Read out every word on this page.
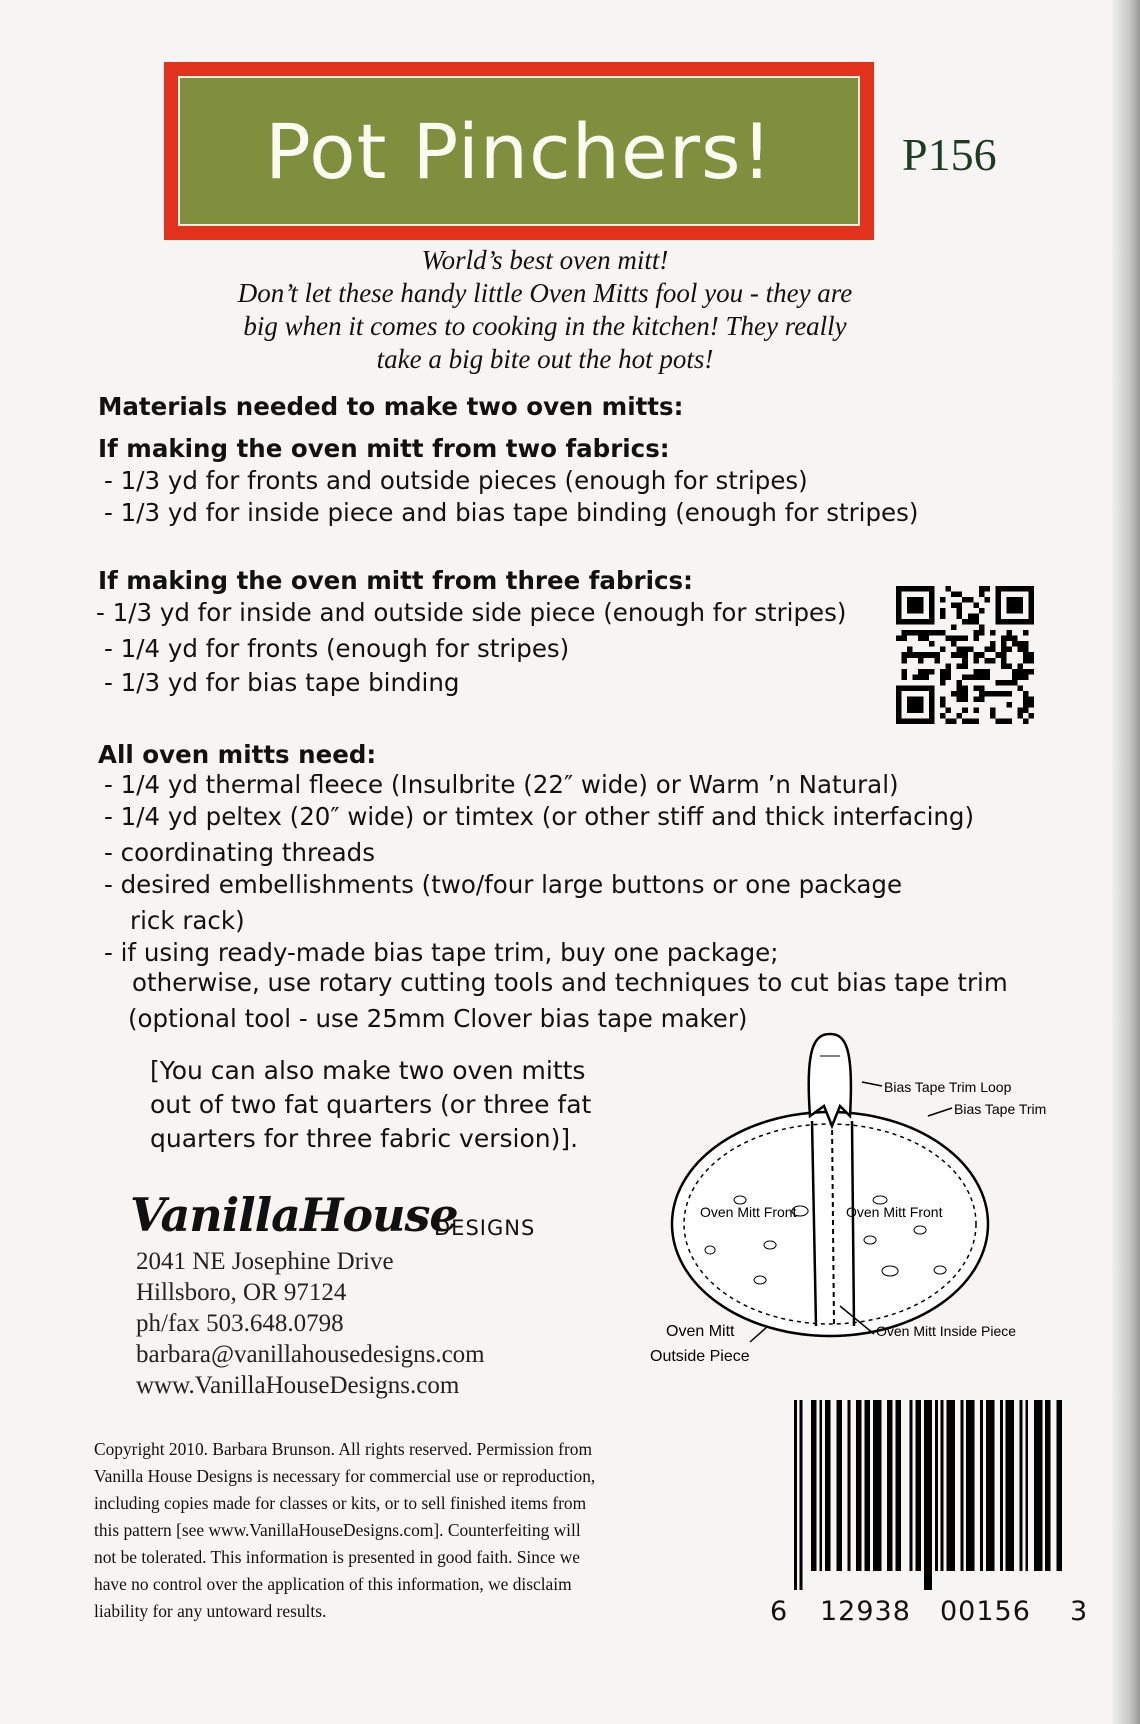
Pot Pinchers!	P156
World’s best oven mitt!
Don’t let these handy little Oven Mitts fool you - they are
big when it comes to cooking in the kitchen! They really
take a big bite out the hot pots!
Materials needed to make two oven mitts:
If making the oven mitt from two fabrics:
- 1/3 yd for fronts and outside pieces (enough for stripes)
- 1/3 yd for inside piece and bias tape binding (enough for stripes)
If making the oven mitt from three fabrics:
- 1/3 yd for inside and outside side piece (enough for stripes)
- 1/4 yd for fronts (enough for stripes)
- 1/3 yd for bias tape binding
All oven mitts need:
- 1/4 yd thermal fleece (Insulbrite (22″ wide) or Warm ’n Natural)
- 1/4 yd peltex (20″ wide) or timtex (or other stiff and thick interfacing)
- coordinating threads
- desired embellishments (two/four large buttons or one package
rick rack)
- if using ready-made bias tape trim, buy one package;
otherwise, use rotary cutting tools and techniques to cut bias tape trim
(optional tool - use 25mm Clover bias tape maker)
[You can also make two oven mitts
out of two fat quarters (or three fat
quarters for three fabric version)].
Bias Tape Trim Loop
Bias Tape Trim
Oven Mitt Front	Oven Mitt Front
Oven Mitt Inside Piece
Oven Mitt
Outside Piece
VanillaHouse
DESIGNS
2041 NE Josephine Drive
Hillsboro, OR 97124
ph/fax 503.648.0798
barbara@vanillahousedesigns.com
www.VanillaHouseDesigns.com
Copyright 2010. Barbara Brunson. All rights reserved. Permission from
Vanilla House Designs is necessary for commercial use or reproduction,
including copies made for classes or kits, or to sell finished items from
this pattern [see www.VanillaHouseDesigns.com]. Counterfeiting will
not be tolerated. This information is presented in good faith. Since we
have no control over the application of this information, we disclaim
liability for any untoward results.	6 12938 00156 3
